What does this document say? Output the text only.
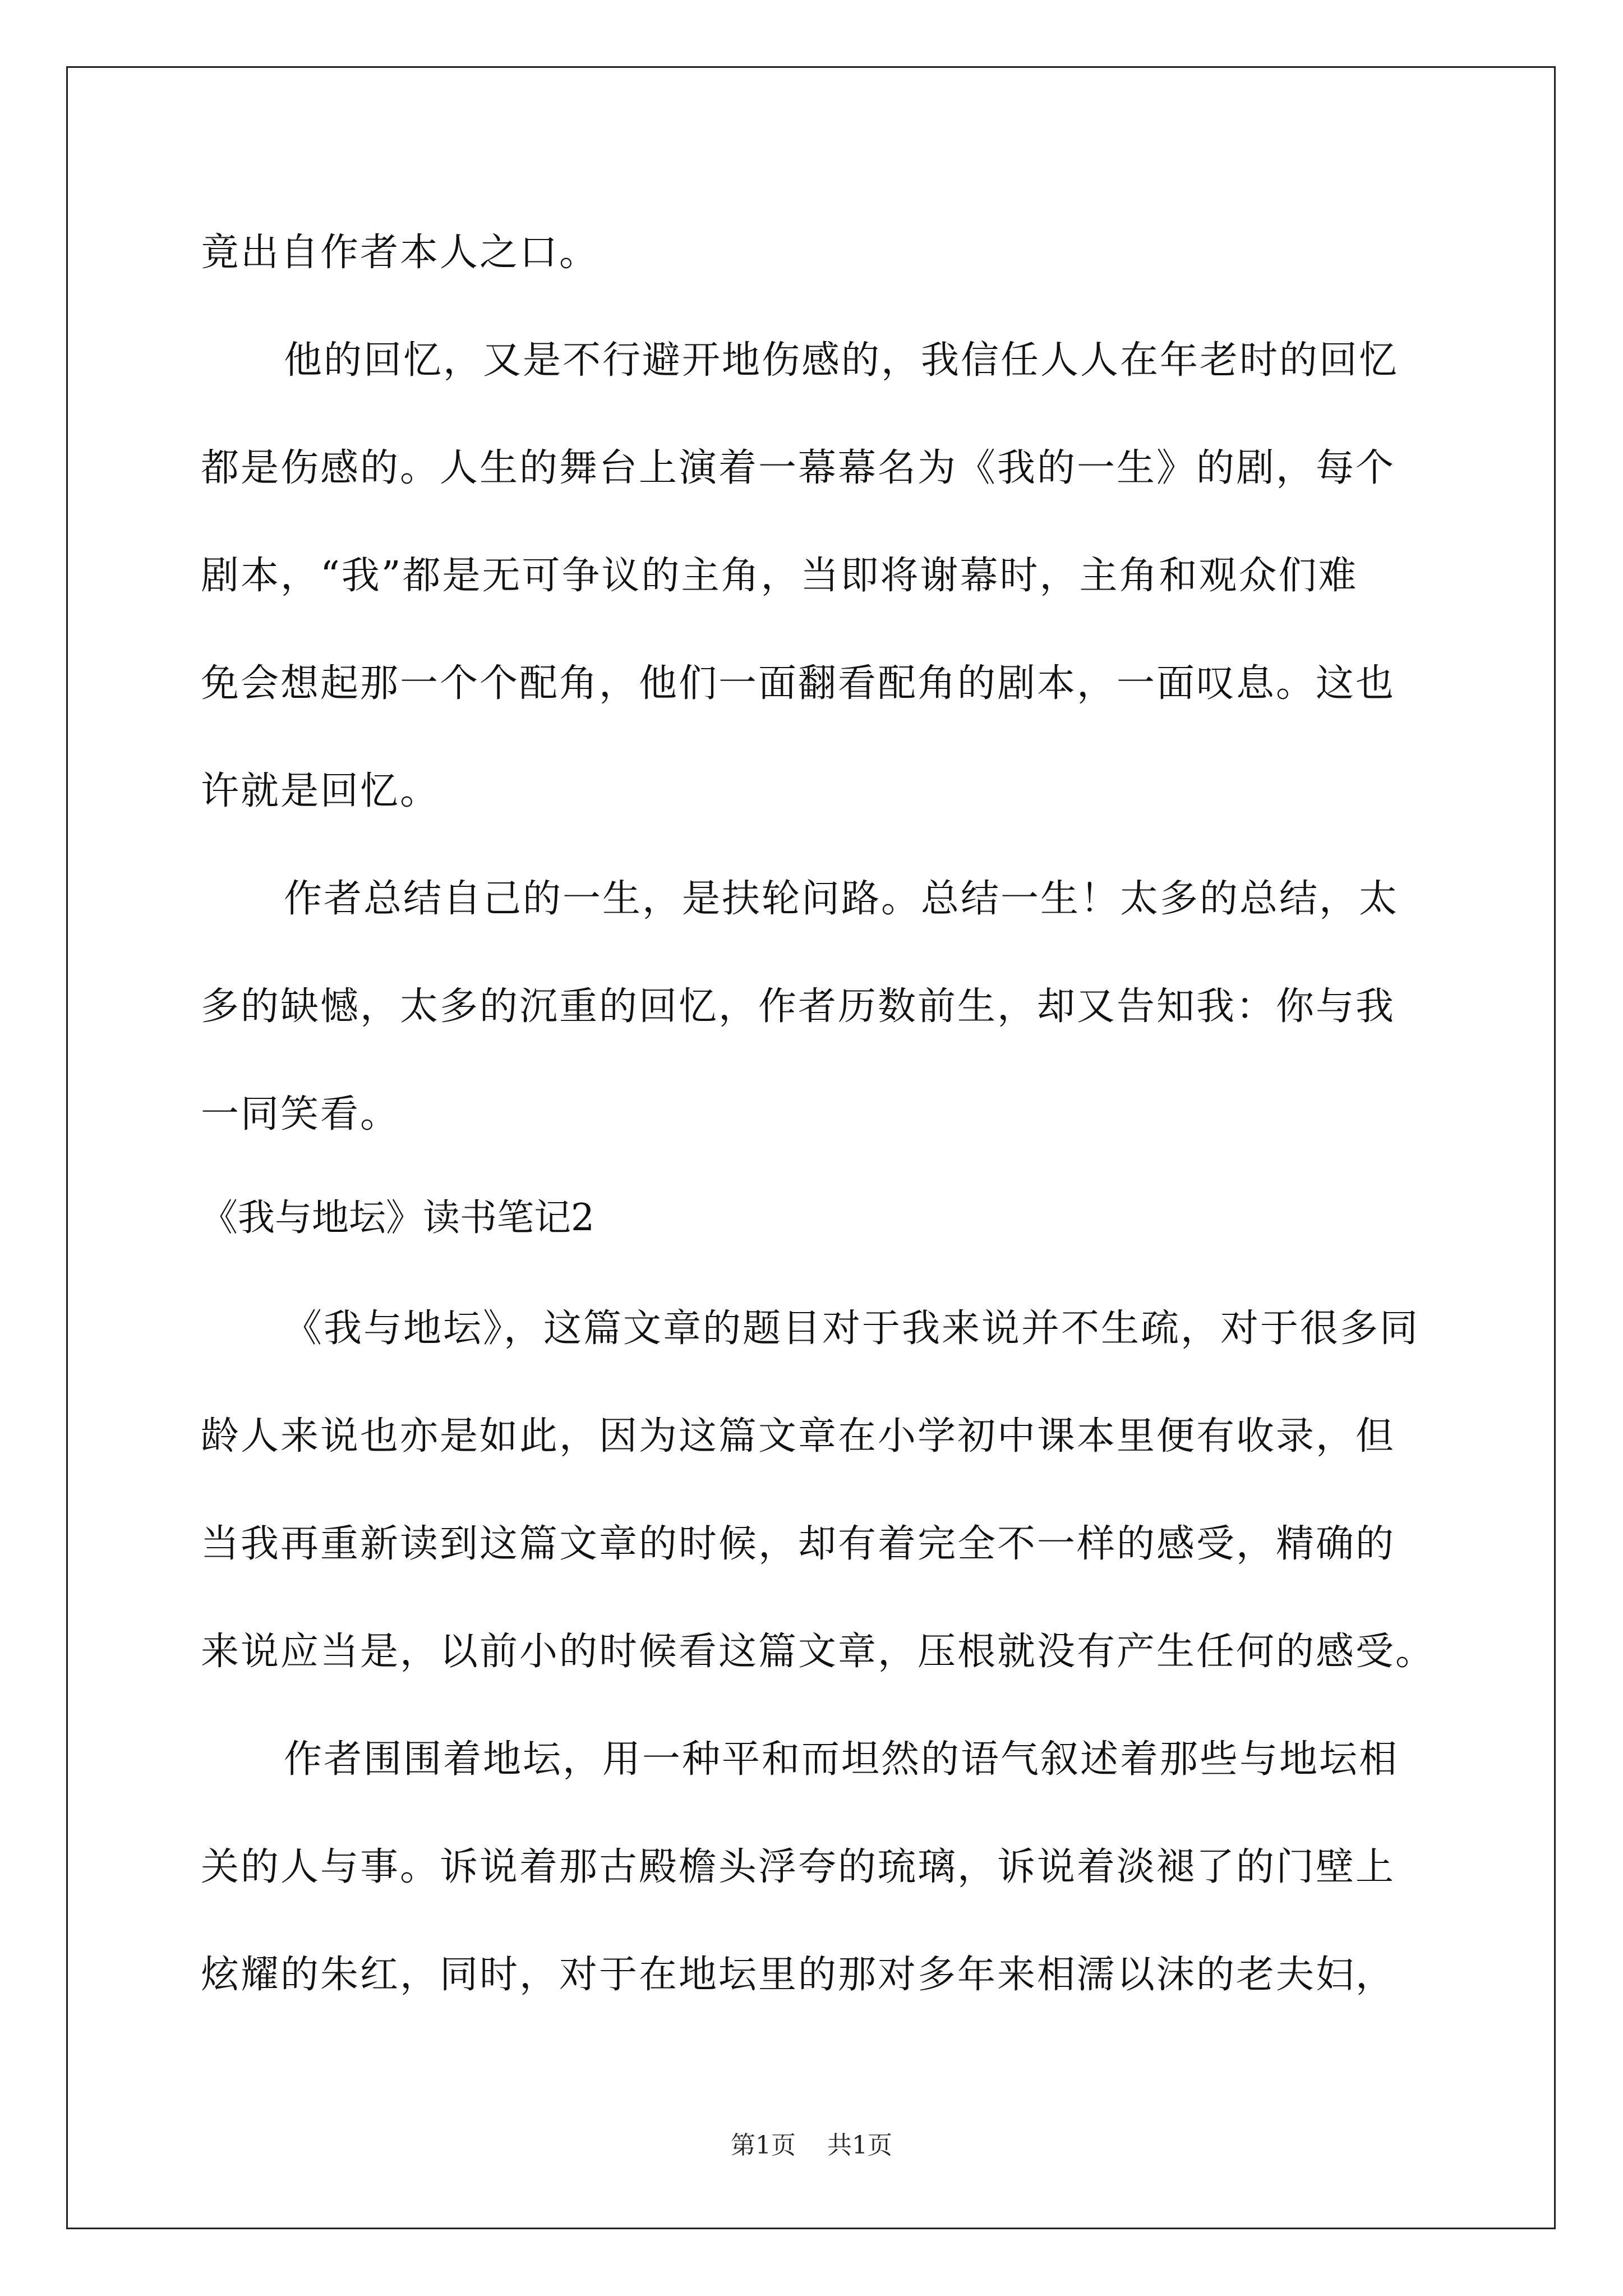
竟出自作者本人之口。
他的回忆，又是不行避开地伤感的，我信任人人在年老时的回忆
都是伤感的。人生的舞台上演着一幕幕名为《我的一生》的剧，每个
剧本，“我”都是无可争议的主角，当即将谢幕时，主角和观众们难
免会想起那一个个配角，他们一面翻看配角的剧本，一面叹息。这也
许就是回忆。
作者总结自己的一生，是扶轮问路。总结一生！太多的总结，太
多的缺憾，太多的沉重的回忆，作者历数前生，却又告知我：你与我
一同笑看。
《我与地坛》读书笔记2
《我与地坛》，这篇文章的题目对于我来说并不生疏，对于很多同
龄人来说也亦是如此，因为这篇文章在小学初中课本里便有收录，但
当我再重新读到这篇文章的时候，却有着完全不一样的感受，精确的
来说应当是，以前小的时候看这篇文章，压根就没有产生任何的感受。
作者围围着地坛，用一种平和而坦然的语气叙述着那些与地坛相
关的人与事。诉说着那古殿檐头浮夸的琉璃，诉说着淡褪了的门壁上
炫耀的朱红，同时，对于在地坛里的那对多年来相濡以沫的老夫妇，
第1页 共1页
